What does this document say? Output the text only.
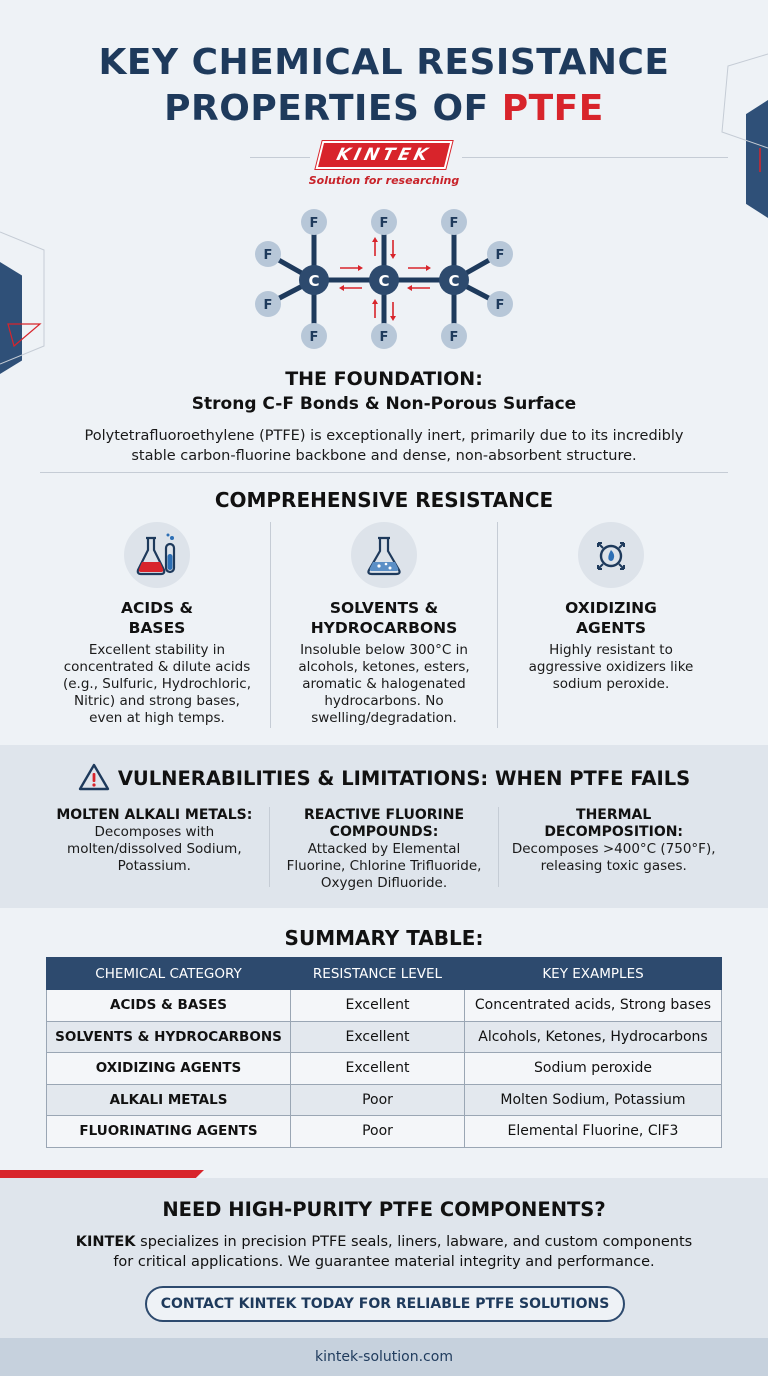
KEY CHEMICAL RESISTANCE
PROPERTIES OF PTFE
KINTEK
Solution for researching
C	C	C
F	F	F
F	F	F
F
F
F
F
THE FOUNDATION:
Strong C-F Bonds & Non-Porous Surface
Polytetrafluoroethylene (PTFE) is exceptionally inert, primarily due to its incredibly
stable carbon-fluorine backbone and dense, non-absorbent structure.
COMPREHENSIVE RESISTANCE
ACIDS &
BASES
Excellent stability in
concentrated & dilute acids
(e.g., Sulfuric, Hydrochloric,
Nitric) and strong bases,
even at high temps.
SOLVENTS &
HYDROCARBONS
Insoluble below 300°C in
alcohols, ketones, esters,
aromatic & halogenated
hydrocarbons. No
swelling/degradation.
OXIDIZING
AGENTS
Highly resistant to
aggressive oxidizers like
sodium peroxide.
VULNERABILITIES & LIMITATIONS: WHEN PTFE FAILS
MOLTEN ALKALI METALS:
Decomposes with
molten/dissolved Sodium,
Potassium.
REACTIVE FLUORINE
COMPOUNDS:
Attacked by Elemental
Fluorine, Chlorine Trifluoride,
Oxygen Difluoride.
THERMAL
DECOMPOSITION:
Decomposes >400°C (750°F),
releasing toxic gases.
SUMMARY TABLE:
CHEMICAL CATEGORY	RESISTANCE LEVEL	KEY EXAMPLES
ACIDS & BASES	Excellent	Concentrated acids, Strong bases
SOLVENTS & HYDROCARBONS	Excellent	Alcohols, Ketones, Hydrocarbons
OXIDIZING AGENTS	Excellent	Sodium peroxide
ALKALI METALS	Poor	Molten Sodium, Potassium
FLUORINATING AGENTS	Poor	Elemental Fluorine, ClF3
NEED HIGH-PURITY PTFE COMPONENTS?
KINTEK specializes in precision PTFE seals, liners, labware, and custom components
for critical applications. We guarantee material integrity and performance.
CONTACT KINTEK TODAY FOR RELIABLE PTFE SOLUTIONS
kintek-solution.com
